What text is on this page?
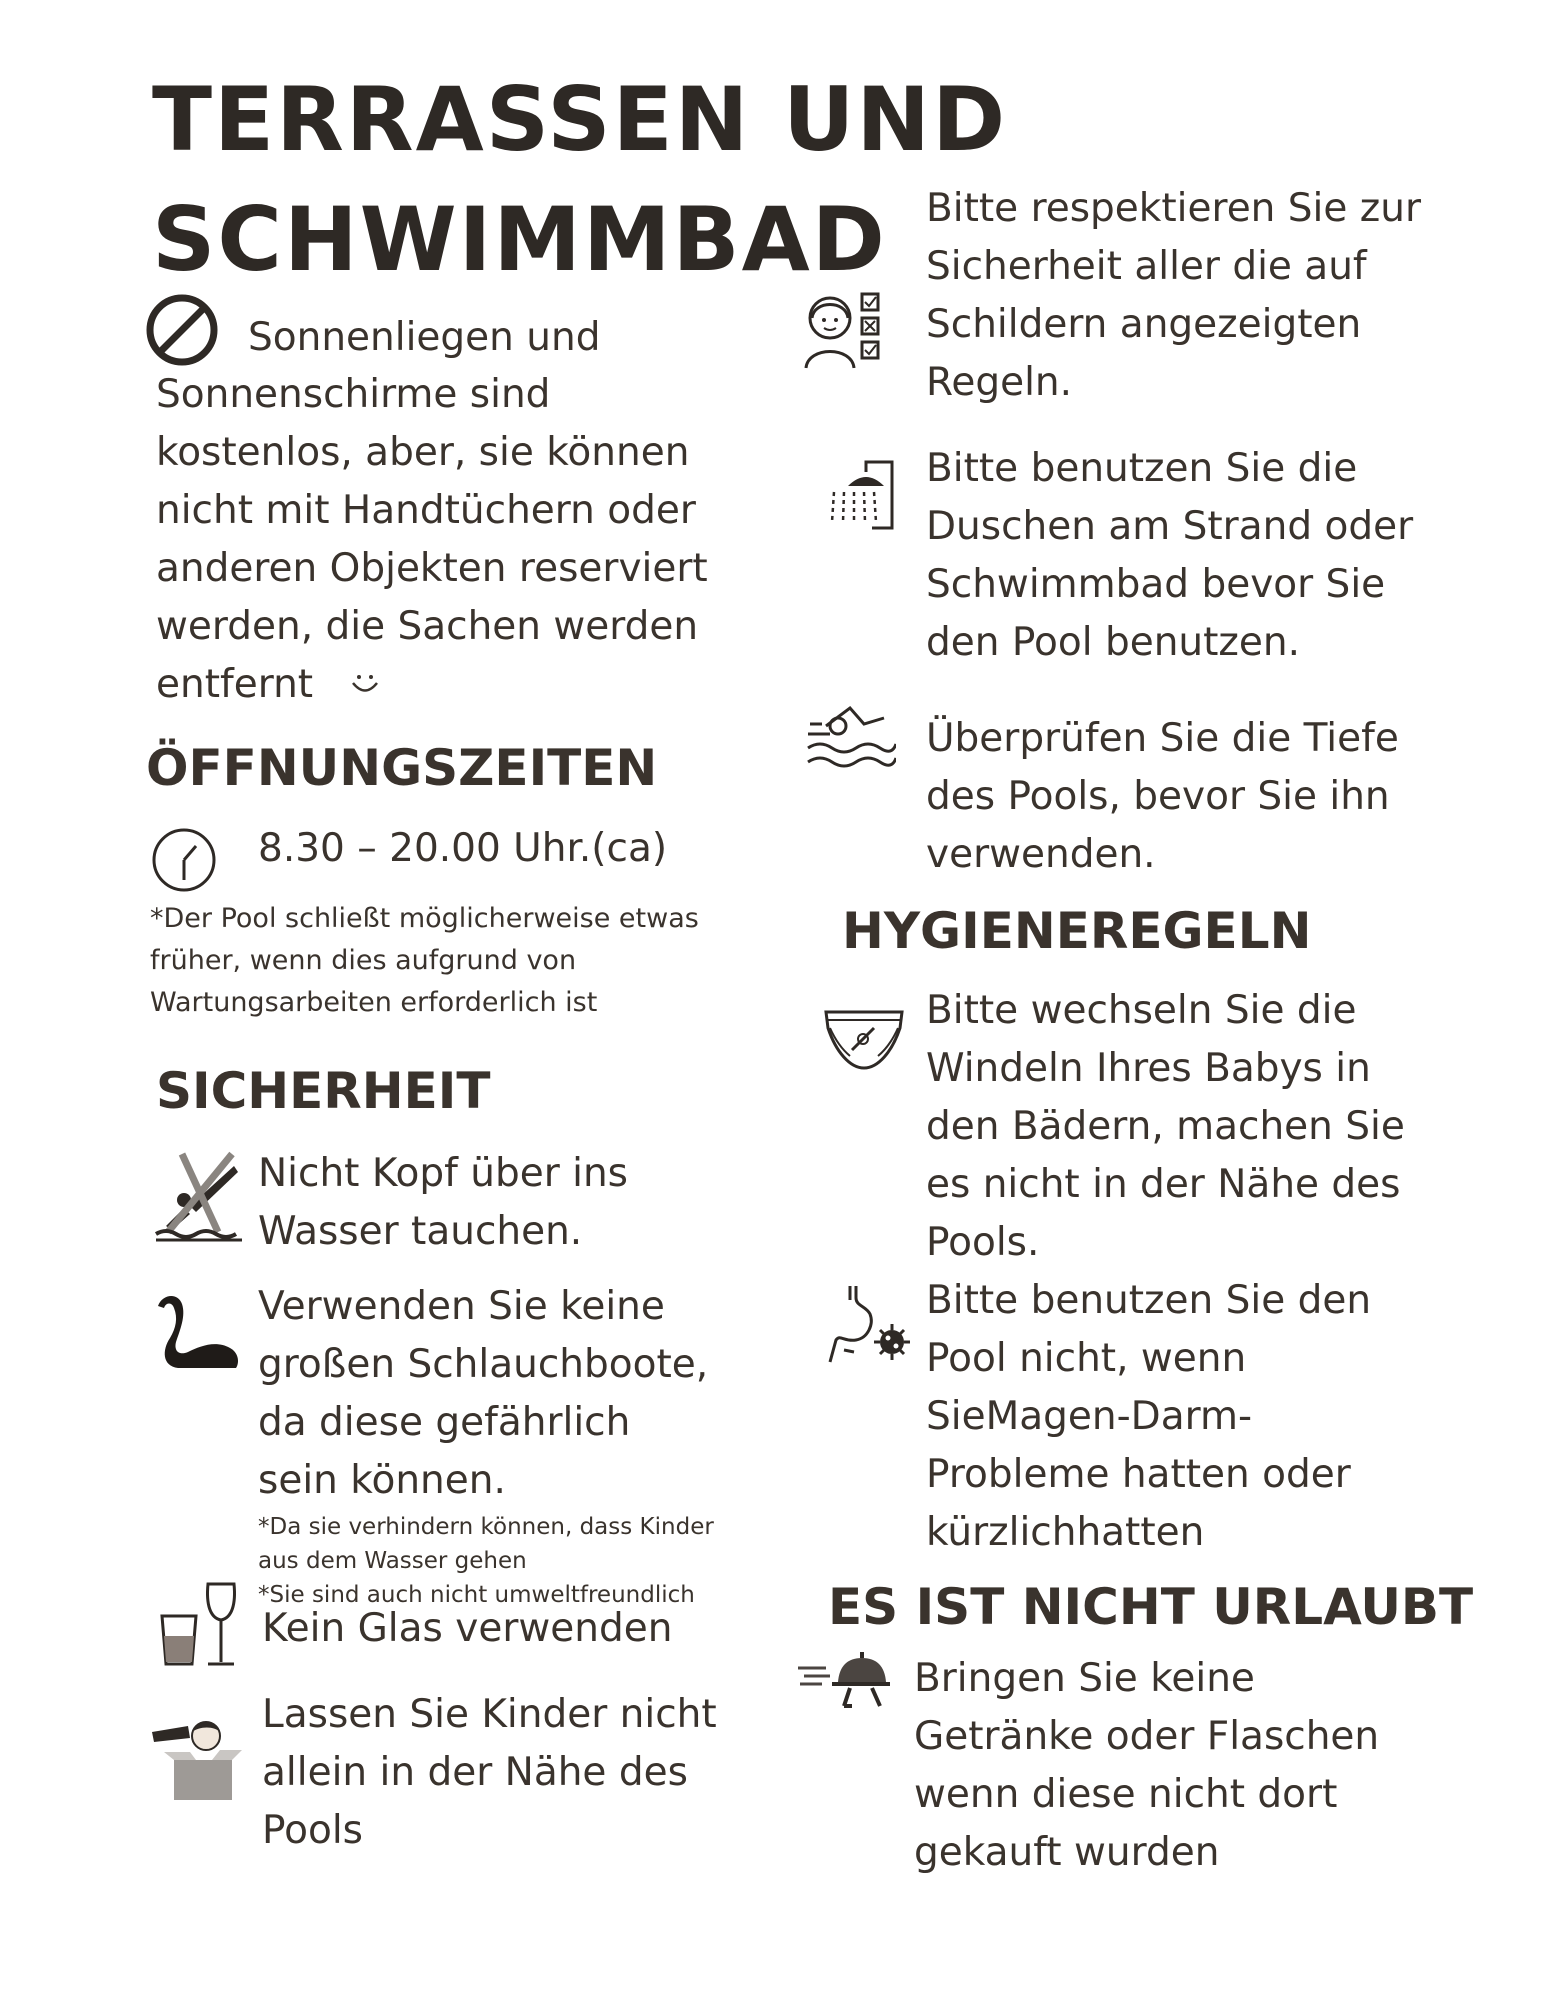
TERRASSEN UND
SCHWIMMBAD

Sonnenliegen und

Sonnenschirme sind
kostenlos, aber, sie können
nicht mit Handtüchern oder
anderen Objekten reserviert
werden, die Sachen werden
entfernt

ÖFFNUNGSZEITEN

8.30 – 20.00 Uhr.(ca)

*Der Pool schließt möglicherweise etwas
früher, wenn dies aufgrund von
Wartungsarbeiten erforderlich ist

SICHERHEIT

Nicht Kopf über ins
Wasser tauchen.

Verwenden Sie keine
großen Schlauchboote,
da diese gefährlich
sein können.

*Da sie verhindern können, dass Kinder
aus dem Wasser gehen
*Sie sind auch nicht umweltfreundlich

Kein Glas verwenden

Lassen Sie Kinder nicht
allein in der Nähe des
Pools

Bitte respektieren Sie zur
Sicherheit aller die auf
Schildern angezeigten
Regeln.

Bitte benutzen Sie die
Duschen am Strand oder
Schwimmbad bevor Sie
den Pool benutzen.

Überprüfen Sie die Tiefe
des Pools, bevor Sie ihn
verwenden.

HYGIENEREGELN

Bitte wechseln Sie die
Windeln Ihres Babys in
den Bädern, machen Sie
es nicht in der Nähe des
Pools.

Bitte benutzen Sie den
Pool nicht, wenn
SieMagen-Darm-
Probleme hatten oder
kürzlichhatten

ES IST NICHT URLAUBT

Bringen Sie keine
Getränke oder Flaschen
wenn diese nicht dort
gekauft wurden
